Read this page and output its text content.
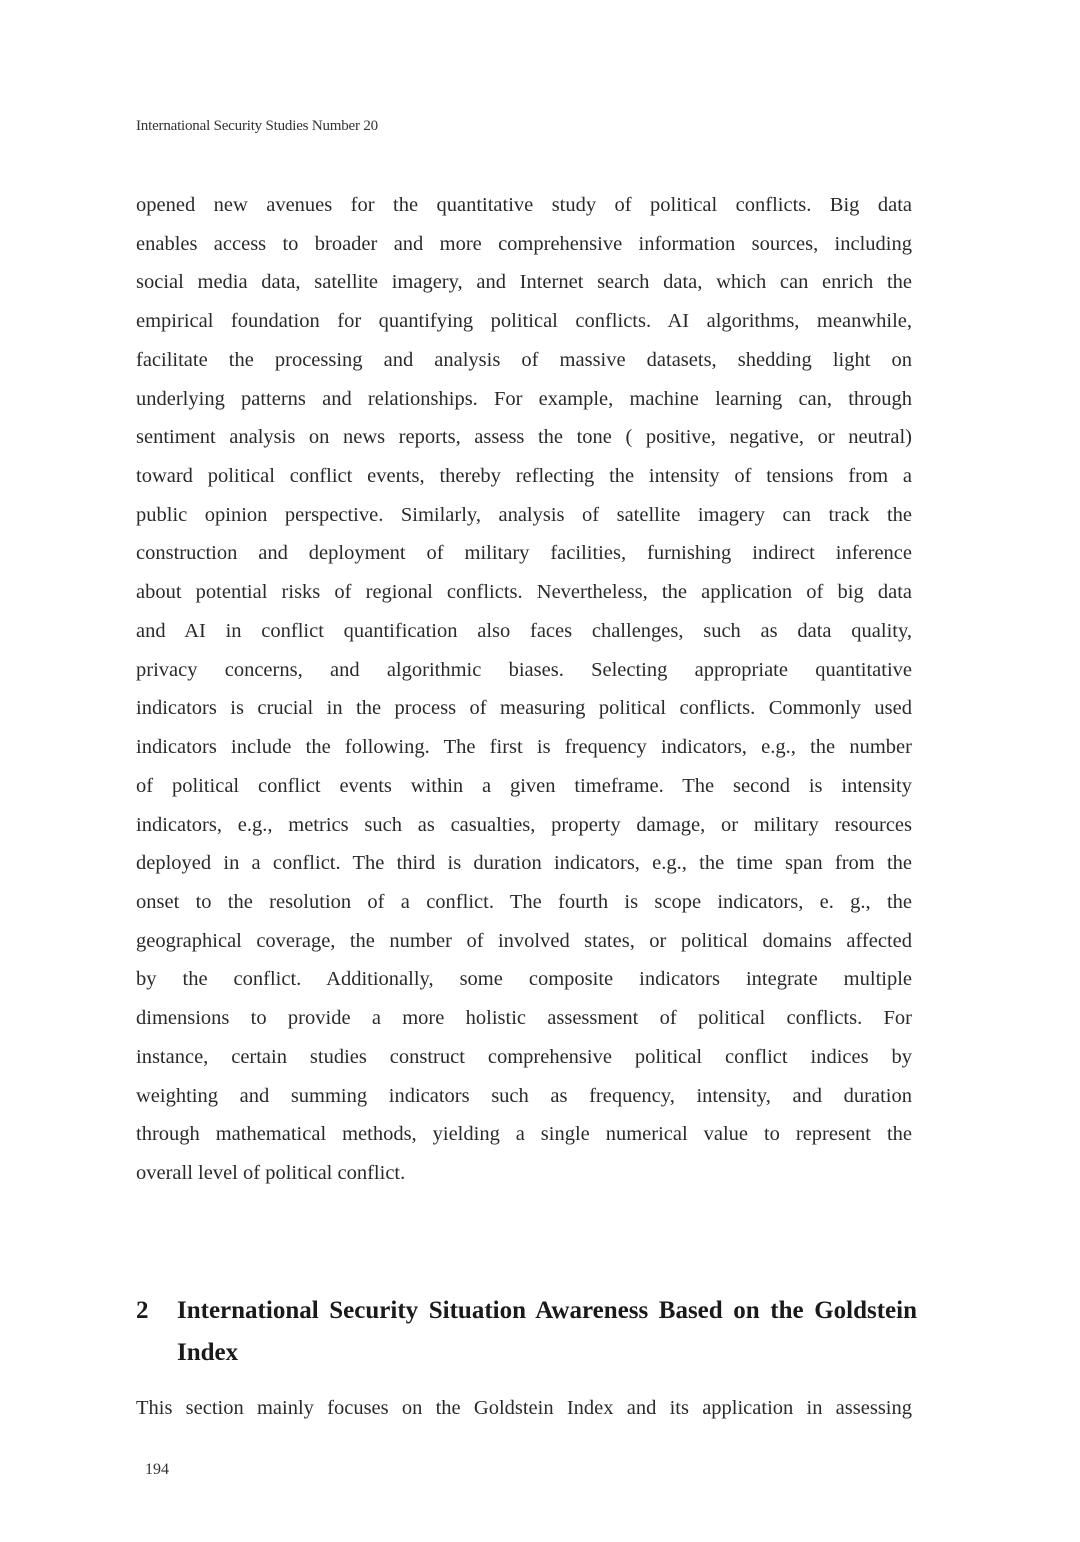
International Security Studies Number 20
opened new avenues for the quantitative study of political conflicts. Big data
enables access to broader and more comprehensive information sources, including
social media data, satellite imagery, and Internet search data, which can enrich the
empirical foundation for quantifying political conflicts. AI algorithms, meanwhile,
facilitate the processing and analysis of massive datasets, shedding light on
underlying patterns and relationships. For example, machine learning can, through
sentiment analysis on news reports, assess the tone ( positive, negative, or neutral)
toward political conflict events, thereby reflecting the intensity of tensions from a
public opinion perspective. Similarly, analysis of satellite imagery can track the
construction and deployment of military facilities, furnishing indirect inference
about potential risks of regional conflicts. Nevertheless, the application of big data
and AI in conflict quantification also faces challenges, such as data quality,
privacy concerns, and algorithmic biases. Selecting appropriate quantitative
indicators is crucial in the process of measuring political conflicts. Commonly used
indicators include the following. The first is frequency indicators, e.g., the number
of political conflict events within a given timeframe. The second is intensity
indicators, e.g., metrics such as casualties, property damage, or military resources
deployed in a conflict. The third is duration indicators, e.g., the time span from the
onset to the resolution of a conflict. The fourth is scope indicators, e. g., the
geographical coverage, the number of involved states, or political domains affected
by the conflict. Additionally, some composite indicators integrate multiple
dimensions to provide a more holistic assessment of political conflicts. For
instance, certain studies construct comprehensive political conflict indices by
weighting and summing indicators such as frequency, intensity, and duration
through mathematical methods, yielding a single numerical value to represent the
overall level of political conflict.
2 International Security Situation Awareness Based on the Goldstein Index
This section mainly focuses on the Goldstein Index and its application in assessing
194
